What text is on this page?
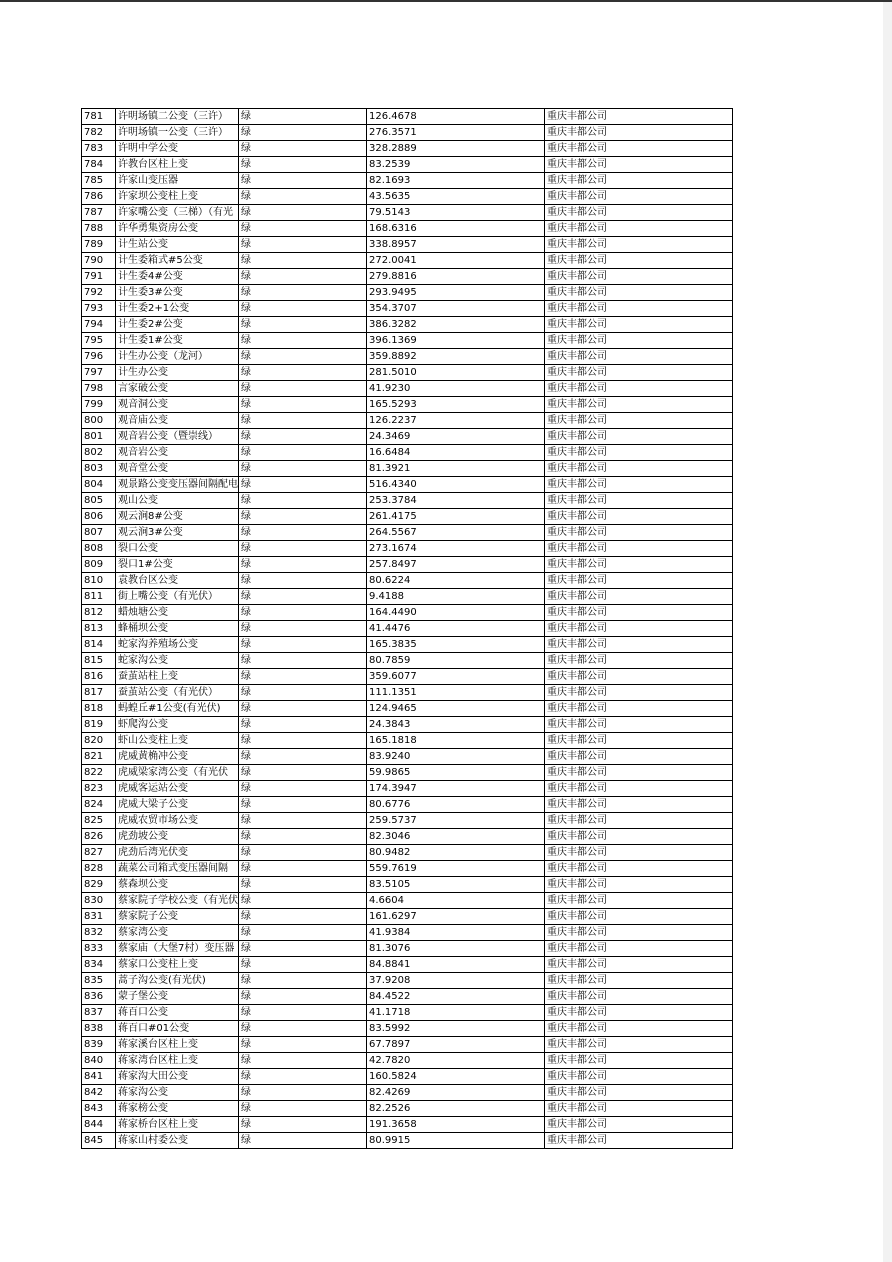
781	许明场镇二公变（三许）	绿	126.4678	重庆丰都公司
782	许明场镇一公变（三许）	绿	276.3571	重庆丰都公司
783	许明中学公变	绿	328.2889	重庆丰都公司
784	许教台区柱上变	绿	83.2539	重庆丰都公司
785	许家山变压器	绿	82.1693	重庆丰都公司
786	许家坝公变柱上变	绿	43.5635	重庆丰都公司
787	许家嘴公变（三梯）（有光	绿	79.5143	重庆丰都公司
788	许华勇集资房公变	绿	168.6316	重庆丰都公司
789	计生站公变	绿	338.8957	重庆丰都公司
790	计生委箱式#5公变	绿	272.0041	重庆丰都公司
791	计生委4#公变	绿	279.8816	重庆丰都公司
792	计生委3#公变	绿	293.9495	重庆丰都公司
793	计生委2+1公变	绿	354.3707	重庆丰都公司
794	计生委2#公变	绿	386.3282	重庆丰都公司
795	计生委1#公变	绿	396.1369	重庆丰都公司
796	计生办公变（龙河）	绿	359.8892	重庆丰都公司
797	计生办公变	绿	281.5010	重庆丰都公司
798	言家破公变	绿	41.9230	重庆丰都公司
799	观音洞公变	绿	165.5293	重庆丰都公司
800	观音庙公变	绿	126.2237	重庆丰都公司
801	观音岩公变（暨崇线）	绿	24.3469	重庆丰都公司
802	观音岩公变	绿	16.6484	重庆丰都公司
803	观音堂公变	绿	81.3921	重庆丰都公司
804	观景路公变变压器间隔配电	绿	516.4340	重庆丰都公司
805	观山公变	绿	253.3784	重庆丰都公司
806	观云涧8#公变	绿	261.4175	重庆丰都公司
807	观云涧3#公变	绿	264.5567	重庆丰都公司
808	裂口公变	绿	273.1674	重庆丰都公司
809	裂口1#公变	绿	257.8497	重庆丰都公司
810	袁教台区公变	绿	80.6224	重庆丰都公司
811	街上嘴公变（有光伏）	绿	9.4188	重庆丰都公司
812	蜡烛塘公变	绿	164.4490	重庆丰都公司
813	蜂桶坝公变	绿	41.4476	重庆丰都公司
814	蛇家沟养殖场公变	绿	165.3835	重庆丰都公司
815	蛇家沟公变	绿	80.7859	重庆丰都公司
816	蚕茧站柱上变	绿	359.6077	重庆丰都公司
817	蚕茧站公变（有光伏）	绿	111.1351	重庆丰都公司
818	蚂蝗丘#1公变(有光伏)	绿	124.9465	重庆丰都公司
819	虾爬沟公变	绿	24.3843	重庆丰都公司
820	虾山公变柱上变	绿	165.1818	重庆丰都公司
821	虎威黄桷冲公变	绿	83.9240	重庆丰都公司
822	虎威梁家湾公变（有光伏	绿	59.9865	重庆丰都公司
823	虎威客运站公变	绿	174.3947	重庆丰都公司
824	虎威大梁子公变	绿	80.6776	重庆丰都公司
825	虎威农贸市场公变	绿	259.5737	重庆丰都公司
826	虎劲坡公变	绿	82.3046	重庆丰都公司
827	虎劲后湾光伏变	绿	80.9482	重庆丰都公司
828	蔬菜公司箱式变压器间隔	绿	559.7619	重庆丰都公司
829	蔡森坝公变	绿	83.5105	重庆丰都公司
830	蔡家院子学校公变（有光伏	绿	4.6604	重庆丰都公司
831	蔡家院子公变	绿	161.6297	重庆丰都公司
832	蔡家湾公变	绿	41.9384	重庆丰都公司
833	蔡家庙（大堡7村）变压器	绿	81.3076	重庆丰都公司
834	蔡家口公变柱上变	绿	84.8841	重庆丰都公司
835	蒿子沟公变(有光伏)	绿	37.9208	重庆丰都公司
836	蒙子堡公变	绿	84.4522	重庆丰都公司
837	蒋百口公变	绿	41.1718	重庆丰都公司
838	蒋百口#01公变	绿	83.5992	重庆丰都公司
839	蒋家溪台区柱上变	绿	67.7897	重庆丰都公司
840	蒋家湾台区柱上变	绿	42.7820	重庆丰都公司
841	蒋家沟大田公变	绿	160.5824	重庆丰都公司
842	蒋家沟公变	绿	82.4269	重庆丰都公司
843	蒋家榜公变	绿	82.2526	重庆丰都公司
844	蒋家桥台区柱上变	绿	191.3658	重庆丰都公司
845	蒋家山村委公变	绿	80.9915	重庆丰都公司
